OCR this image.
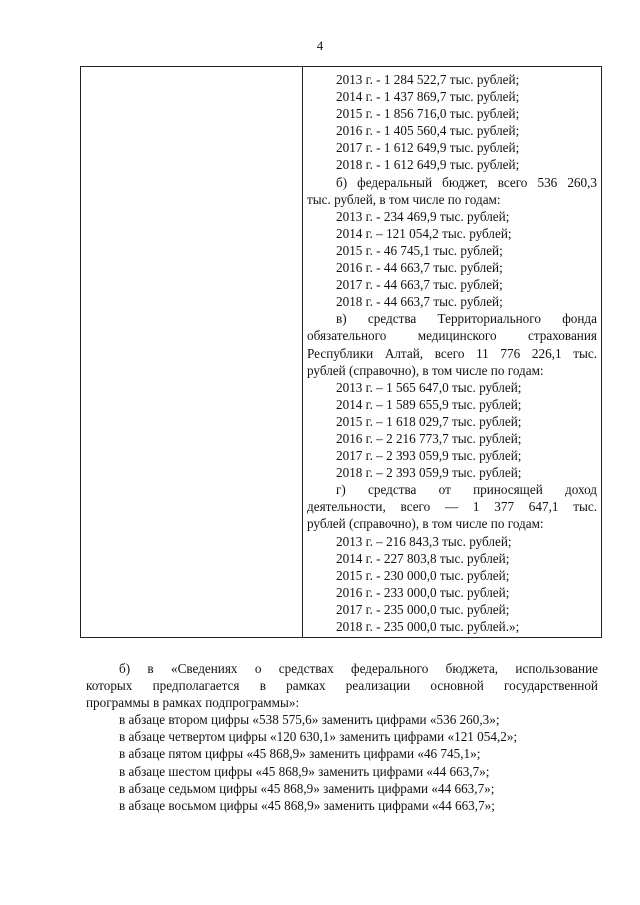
4
2013 г. - 1 284 522,7 тыс. рублей;
2014 г. - 1 437 869,7 тыс. рублей;
2015 г. - 1 856 716,0 тыс. рублей;
2016 г. - 1 405 560,4 тыс. рублей;
2017 г. - 1 612 649,9 тыс. рублей;
2018 г. - 1 612 649,9 тыс. рублей;
б) федеральный бюджет, всего 536 260,3
тыс. рублей, в том числе по годам:
2013 г. - 234 469,9 тыс. рублей;
2014 г. – 121 054,2 тыс. рублей;
2015 г. - 46 745,1 тыс. рублей;
2016 г. - 44 663,7 тыс. рублей;
2017 г. - 44 663,7 тыс. рублей;
2018 г. - 44 663,7 тыс. рублей;
в) средства Территориального фонда
обязательного медицинского страхования
Республики Алтай, всего 11 776 226,1 тыс.
рублей (справочно), в том числе по годам:
2013 г. – 1 565 647,0 тыс. рублей;
2014 г. – 1 589 655,9 тыс. рублей;
2015 г. – 1 618 029,7 тыс. рублей;
2016 г. – 2 216 773,7 тыс. рублей;
2017 г. – 2 393 059,9 тыс. рублей;
2018 г. – 2 393 059,9 тыс. рублей;
г) средства от приносящей доход
деятельности, всего — 1 377 647,1 тыс.
рублей (справочно), в том числе по годам:
2013 г. – 216 843,3 тыс. рублей;
2014 г. - 227 803,8 тыс. рублей;
2015 г. - 230 000,0 тыс. рублей;
2016 г. - 233 000,0 тыс. рублей;
2017 г. - 235 000,0 тыс. рублей;
2018 г. - 235 000,0 тыс. рублей.»;
б) в «Сведениях о средствах федерального бюджета, использование
которых предполагается в рамках реализации основной государственной
программы в рамках подпрограммы»:
в абзаце втором цифры «538 575,6» заменить цифрами «536 260,3»;
в абзаце четвертом цифры «120 630,1» заменить цифрами «121 054,2»;
в абзаце пятом цифры «45 868,9» заменить цифрами «46 745,1»;
в абзаце шестом цифры «45 868,9» заменить цифрами «44 663,7»;
в абзаце седьмом цифры «45 868,9» заменить цифрами «44 663,7»;
в абзаце восьмом цифры «45 868,9» заменить цифрами «44 663,7»;
